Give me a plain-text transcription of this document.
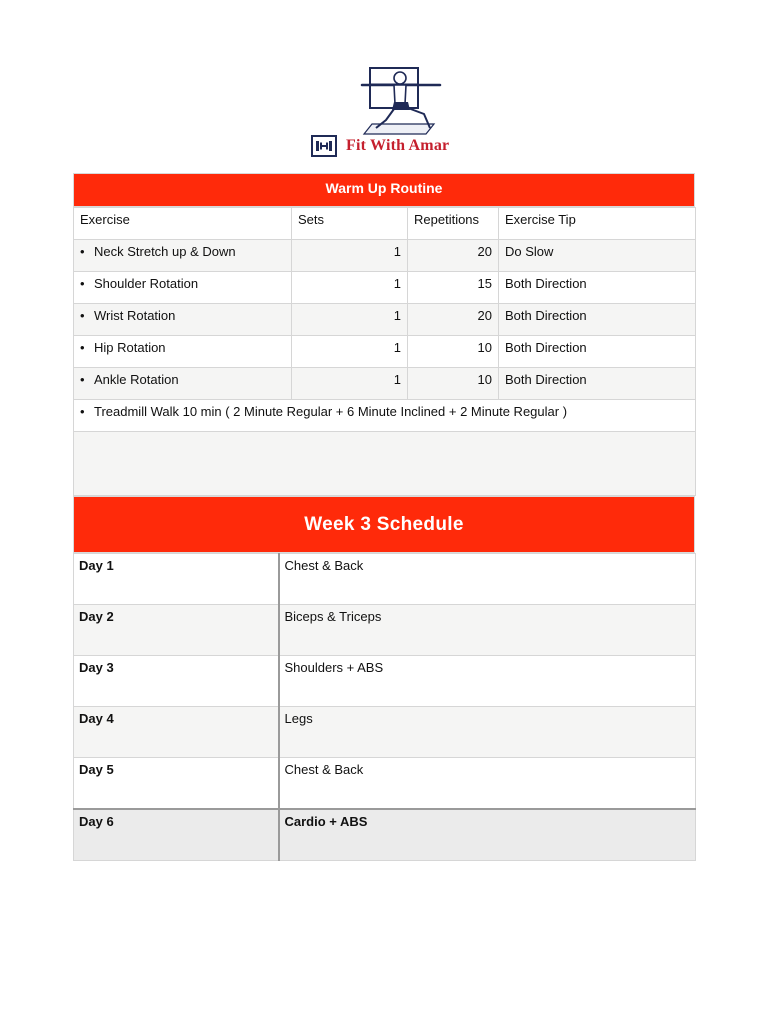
Fit With Amar
Warm Up Routine
Exercise	Sets	Repetitions	Exercise Tip
• Neck Stretch up & Down	1	20	Do Slow
• Shoulder Rotation	1	15	Both Direction
• Wrist Rotation	1	20	Both Direction
• Hip Rotation	1	10	Both Direction
• Ankle Rotation	1	10	Both Direction
• Treadmill Walk 10 min ( 2 Minute Regular + 6 Minute Inclined + 2 Minute Regular )			

Week 3 Schedule
Day 1	Chest & Back
Day 2	Biceps & Triceps
Day 3	Shoulders + ABS
Day 4	Legs
Day 5	Chest & Back
Day 6	Cardio + ABS
